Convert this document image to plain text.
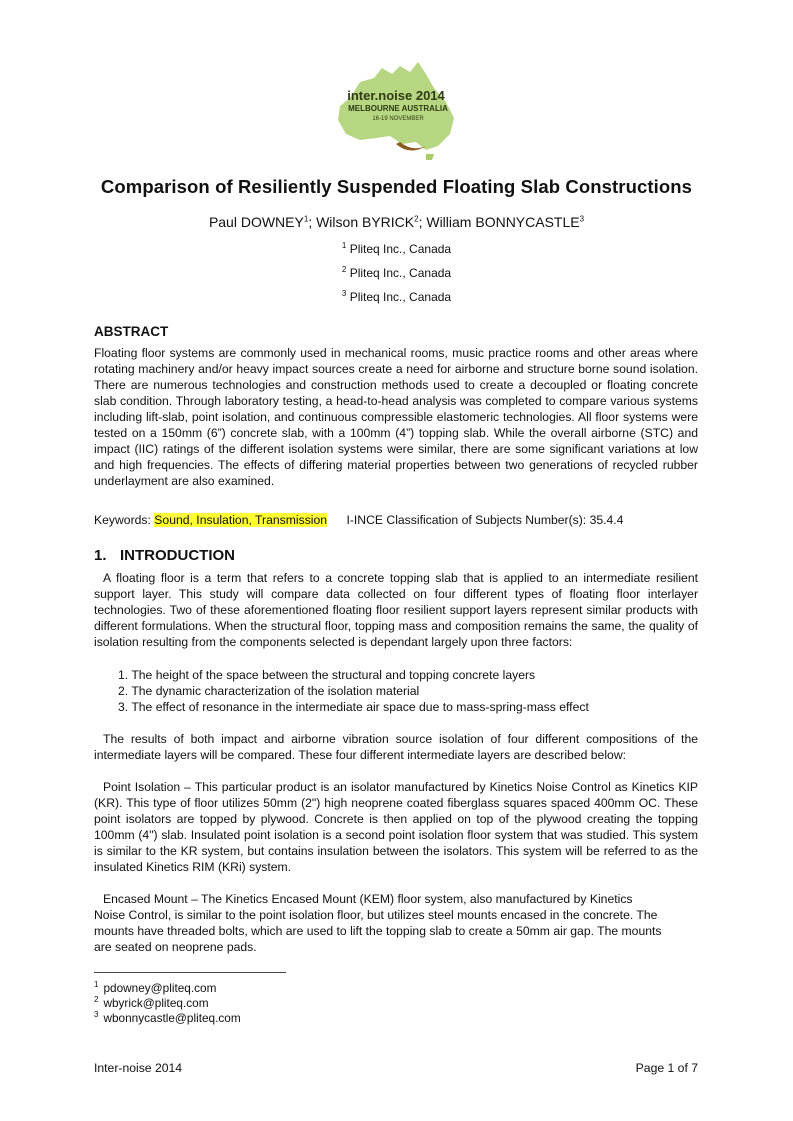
inter.noise 2014
MELBOURNE AUSTRALIA
16-19 NOVEMBER
Comparison of Resiliently Suspended Floating Slab Constructions
Paul DOWNEY$^1$; Wilson BYRICK$^2$; William BONNYCASTLE$^3$
$^1$ Pliteq Inc., Canada
$^2$ Pliteq Inc., Canada
$^3$ Pliteq Inc., Canada
ABSTRACT

Floating floor systems are commonly used in mechanical rooms, music practice rooms and other areas where rotating machinery and/or heavy impact sources create a need for airborne and structure borne sound isolation. There are numerous technologies and construction methods used to create a decoupled or floating concrete slab condition. Through laboratory testing, a head-to-head analysis was completed to compare various systems including lift-slab, point isolation, and continuous compressible elastomeric technologies. All floor systems were tested on a 150mm (6”) concrete slab, with a 100mm (4”) topping slab. While the overall airborne (STC) and impact (IIC) ratings of the different isolation systems were similar, there are some significant variations at low and high frequencies. The effects of differing material properties between two generations of recycled rubber underlayment are also examined.

Keywords: Sound, Insulation, Transmission I-INCE Classification of Subjects Number(s): 35.4.4
1. INTRODUCTION

A floating floor is a term that refers to a concrete topping slab that is applied to an intermediate resilient support layer. This study will compare data collected on four different types of floating floor interlayer technologies. Two of these aforementioned floating floor resilient support layers represent similar products with different formulations. When the structural floor, topping mass and composition remains the same, the quality of isolation resulting from the components selected is dependant largely upon three factors:

1. The height of the space between the structural and topping concrete layers
2. The dynamic characterization of the isolation material
3. The effect of resonance in the intermediate air space due to mass-spring-mass effect

The results of both impact and airborne vibration source isolation of four different compositions of the intermediate layers will be compared. These four different intermediate layers are described below:

Point Isolation – This particular product is an isolator manufactured by Kinetics Noise Control as Kinetics KIP (KR). This type of floor utilizes 50mm (2") high neoprene coated fiberglass squares spaced 400mm OC. These point isolators are topped by plywood. Concrete is then applied on top of the plywood creating the topping 100mm (4") slab. Insulated point isolation is a second point isolation floor system that was studied. This system is similar to the KR system, but contains insulation between the isolators. This system will be referred to as the insulated Kinetics RIM (KRi) system.

Encased Mount – The Kinetics Encased Mount (KEM) floor system, also manufactured by Kinetics
Noise Control, is similar to the point isolation floor, but utilizes steel mounts encased in the concrete. The
mounts have threaded bolts, which are used to lift the topping slab to create a 50mm air gap. The mounts
are seated on neoprene pads.
$^1$ pdowney@pliteq.com
$^2$ wbyrick@pliteq.com
$^3$ wbonnycastle@pliteq.com
Inter-noise 2014	Page 1 of 7
